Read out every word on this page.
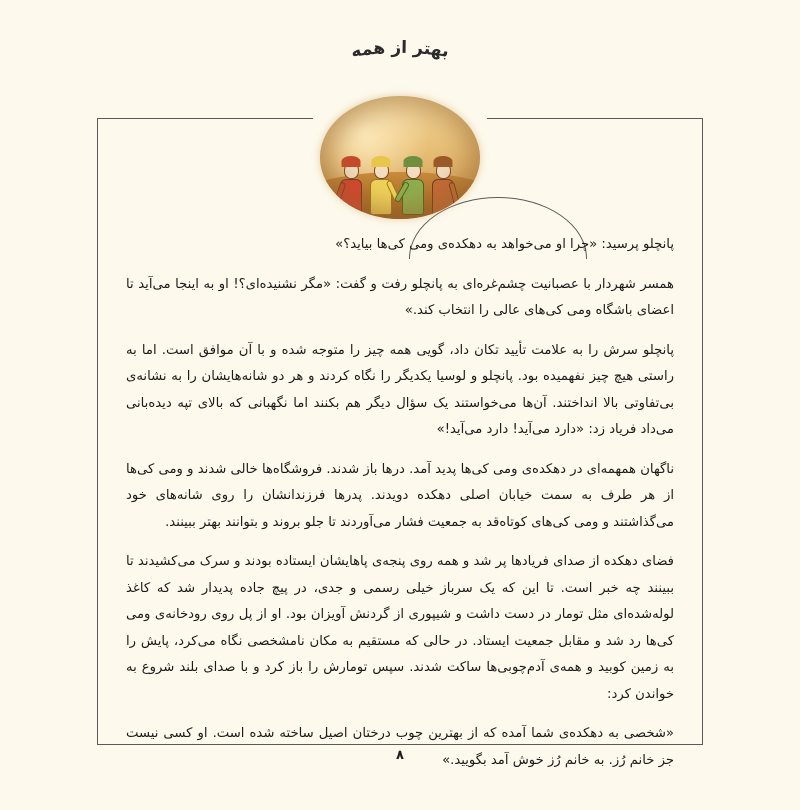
بهتر از همه

پانچلو پرسید: «چرا او می‌خواهد به دهکده‌ی ومی کی‌ها بیاید؟»

همسر شهردار با عصبانیت چشم‌غره‌ای به پانچلو رفت و گفت: «مگر نشنیده‌ای؟! او به اینجا می‌آید تا اعضای باشگاه ومی کی‌های عالی را انتخاب کند.»

پانچلو سرش را به علامت تأیید تکان داد، گویی همه چیز را متوجه شده و با آن موافق است. اما به راستی هیچ چیز نفهمیده بود. پانچلو و لوسیا یکدیگر را نگاه کردند و هر دو شانه‌هایشان را به نشانه‌ی بی‌تفاوتی بالا انداختند. آن‌ها می‌خواستند یک سؤال دیگر هم بکنند اما نگهبانی که بالای تپه دیده‌بانی می‌داد فریاد زد: «دارد می‌آید! دارد می‌آید!»

ناگهان همهمه‌ای در دهکده‌ی ومی کی‌ها پدید آمد. درها باز شدند. فروشگاه‌ها خالی شدند و ومی کی‌ها از هر طرف به سمت خیابان اصلی دهکده دویدند. پدرها فرزندانشان را روی شانه‌های خود می‌گذاشتند و ومی کی‌های کوتاه‌قد به جمعیت فشار می‌آوردند تا جلو بروند و بتوانند بهتر ببینند.

فضای دهکده از صدای فریادها پر شد و همه روی پنجه‌ی پاهایشان ایستاده بودند و سرک می‌کشیدند تا ببینند چه خبر است. تا این که یک سرباز خیلی رسمی و جدی، در پیچ جاده پدیدار شد که کاغذ لوله‌شده‌ای مثل تومار در دست داشت و شیپوری از گردنش آویزان بود. او از پل روی رودخانه‌ی ومی کی‌ها رد شد و مقابل جمعیت ایستاد. در حالی که مستقیم به مکان نامشخصی نگاه می‌کرد، پایش را به زمین کوبید و همه‌ی آدم‌چوبی‌ها ساکت شدند. سپس تومارش را باز کرد و با صدای بلند شروع به خواندن کرد:

«شخصی به دهکده‌ی شما آمده که از بهترین چوب درختان اصیل ساخته شده است. او کسی نیست جز خانم رُز. به خانم رُز خوش آمد بگویید.»

۸
